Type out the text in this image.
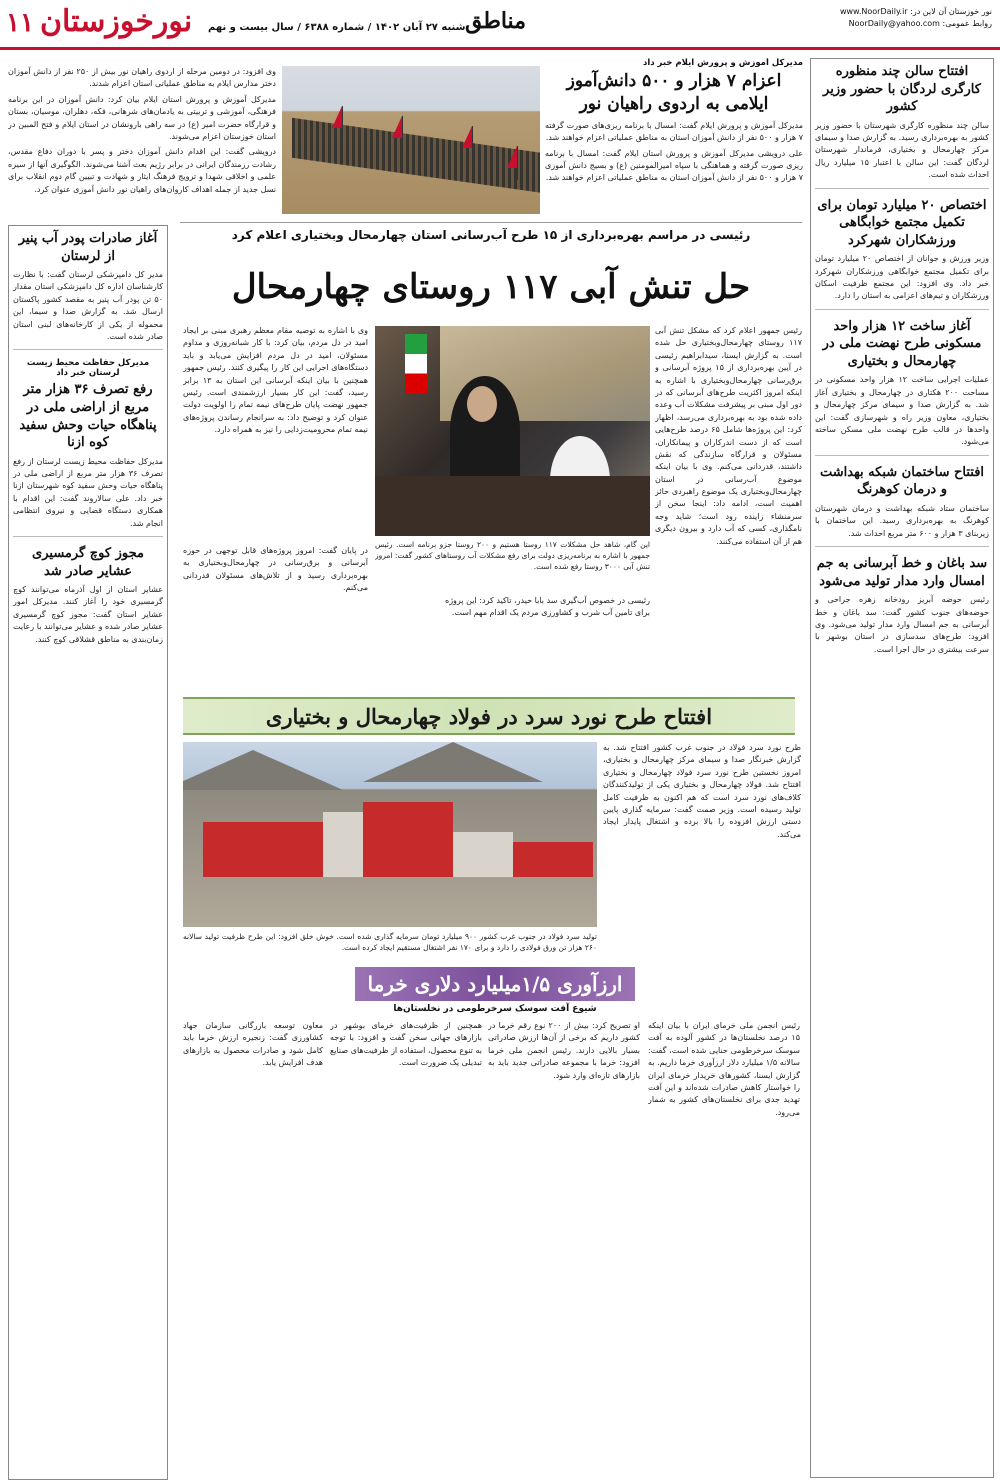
۱۱ نورخوزستان شنبه ۲۷ آبان ۱۴۰۲ / شماره ۶۳۸۸ / سال بیست و نهم مناطق	نور خوزستان آن لاین در: www.NoorDaily.ir
روابط عمومی: NoorDaily@yahoo.com
افتتاح سالن چند منظوره کارگری لردگان با حضور وزیر کشور
سالن چند منظوره کارگری شهرستان با حضور وزیر کشور به بهره‌برداری رسید. به گزارش صدا و سیمای مرکز چهارمحال و بختیاری، فرماندار شهرستان لردگان گفت: این سالن با اعتبار ۱۵ میلیارد ریال احداث شده است.
اختصاص ۲۰ میلیارد تومان برای تکمیل مجتمع خوابگاهی ورزشکاران شهرکرد
وزیر ورزش و جوانان از اختصاص ۲۰ میلیارد تومان برای تکمیل مجتمع خوابگاهی ورزشکاران شهرکرد خبر داد. وی افزود: این مجتمع ظرفیت اسکان ورزشکاران و تیم‌های اعزامی به استان را دارد.
آغاز ساخت ۱۲ هزار واحد مسکونی طرح نهضت ملی در چهارمحال و بختیاری
عملیات اجرایی ساخت ۱۲ هزار واحد مسکونی در مساحت ۲۰۰ هکتاری در چهارمحال و بختیاری آغاز شد. به گزارش صدا و سیمای مرکز چهارمحال و بختیاری، معاون وزیر راه و شهرسازی گفت: این واحدها در قالب طرح نهضت ملی مسکن ساخته می‌شود.
افتتاح ساختمان شبکه بهداشت و درمان کوهرنگ
ساختمان ستاد شبکه بهداشت و درمان شهرستان کوهرنگ به بهره‌برداری رسید. این ساختمان با زیربنای ۳ هزار و ۶۰۰ متر مربع احداث شد.
سد باغان و خط آبرسانی به جم امسال وارد مدار تولید می‌شود
رئیس حوضه آبریز رودخانه زهره جراحی و حوضه‌های جنوب کشور گفت: سد باغان و خط آبرسانی به جم امسال وارد مدار تولید می‌شود. وی افزود: طرح‌های سدسازی در استان بوشهر با سرعت بیشتری در حال اجرا است.
مدیرکل آموزش و پرورش ایلام خبر داد
اعزام ۷ هزار و ۵۰۰ دانش‌آموز ایلامی به اردوی راهیان نور

مدیرکل آموزش و پرورش ایلام گفت: امسال با برنامه ریزی‌های صورت گرفته ۷ هزار و ۵۰۰ نفر از دانش آموزان استان به مناطق عملیاتی اعزام خواهند شد.

علی درویشی مدیرکل آموزش و پرورش استان ایلام گفت: امسال با برنامه ریزی صورت گرفته و هماهنگی با سپاه امیرالمومنین (ع) و بسیج دانش آموزی ۷ هزار و ۵۰۰ نفر از دانش آموزان استان به مناطق عملیاتی اعزام خواهند شد.

وی افزود: در دومین مرحله از اردوی راهیان نور بیش از ۲۵۰ نفر از دانش آموزان دختر مدارس ایلام به مناطق عملیاتی استان اعزام شدند.

مدیرکل آموزش و پرورش استان ایلام بیان کرد: دانش آموزان در این برنامه فرهنگی، آموزشی و تربیتی به یادمان‌های شرهانی، فکه، دهلران، موسیان، بستان و قرارگاه حضرت امیر (ع) در سه راهی بارونشان در استان ایلام و فتح المبین در استان خوزستان اعزام می‌شوند.

درویشی گفت: این اقدام دانش آموزان دختر و پسر با دوران دفاع مقدس، رشادت رزمندگان ایرانی در برابر رژیم بعث آشنا می‌شوند. الگوگیری آنها از سیره علمی و اخلاقی شهدا و ترویج فرهنگ ایثار و شهادت و تبیین گام دوم انقلاب برای نسل جدید از جمله اهداف کاروان‌های راهیان نور دانش آموزی عنوان کرد.

آغاز صادرات پودر آب پنیر از لرستان
مدیر کل دامپزشکی لرستان گفت: با نظارت کارشناسان اداره کل دامپزشکی استان مقدار ۵۰ تن پودر آب پنیر به مقصد کشور پاکستان ارسال شد. به گزارش صدا و سیما، این محموله از یکی از کارخانه‌های لبنی استان صادر شده است.
مدیرکل حفاظت محیط زیست لرستان خبر داد
رفع تصرف ۳۶ هزار متر مربع از اراضی ملی در پناهگاه حیات وحش سفید کوه ازنا
مدیرکل حفاظت محیط زیست لرستان از رفع تصرف ۳۶ هزار متر مربع از اراضی ملی در پناهگاه حیات وحش سفید کوه شهرستان ازنا خبر داد. علی سالاروند گفت: این اقدام با همکاری دستگاه قضایی و نیروی انتظامی انجام شد.
مجوز کوچ گرمسیری عشایر صادر شد
عشایر استان از اول آذرماه می‌توانند کوچ گرمسیری خود را آغاز کنند. مدیرکل امور عشایر استان گفت: مجوز کوچ گرمسیری عشایر صادر شده و عشایر می‌توانند با رعایت زمان‌بندی به مناطق قشلاقی کوچ کنند.
رئیسی در مراسم بهره‌برداری از ۱۵ طرح آب‌رسانی استان چهارمحال وبختیاری اعلام کرد
حل تنش آبی ۱۱۷ روستای چهارمحال
رئیس جمهور اعلام کرد که مشکل تنش آبی ۱۱۷ روستای چهارمحال‌وبختیاری حل شده است. به گزارش ایسنا، سیدابراهیم رئیسی در آیین بهره‌برداری از ۱۵ پروژه آبرسانی و برق‌رسانی چهارمحال‌وبختیاری با اشاره به اینکه امروز اکثریت طرح‌های آبرسانی که در دور اول مبنی بر پیشرفت مشکلات آب وعده داده شده بود به بهره‌برداری می‌رسد، اظهار کرد: این پروژه‌ها شامل ۶۵ درصد طرح‌هایی است که از دست اندرکاران و پیمانکاران، مسئولان و قرارگاه سازندگی که نقش داشتند، قدردانی می‌کنم. وی با بیان اینکه موضوع آب‌رسانی در استان چهارمحال‌وبختیاری یک موضوع راهبردی حائز اهمیت است، ادامه داد: اینجا سخن از سرمنشاء زاینده رود است؛ شاید وجه نامگذاری، کسی که آب دارد و بیرون دیگری هم از آن استفاده می‌کنند.
این گام، شاهد حل مشکلات ۱۱۷ روستا هستیم و ۲۰۰ روستا جزو برنامه است. رئیس جمهور با اشاره به برنامه‌ریزی دولت برای رفع مشکلات آب روستاهای کشور گفت: امروز تنش آبی ۳۰۰۰ روستا رفع شده است.
وی با اشاره به توصیه مقام معظم رهبری مبنی بر ایجاد امید در دل مردم، بیان کرد: با کار شبانه‌روزی و مداوم مسئولان، امید در دل مردم افزایش می‌یابد و باید دستگاه‌های اجرایی این کار را پیگیری کنند. رئیس جمهور همچنین با بیان اینکه آبرسانی این استان به ۱۳ برابر رسید، گفت: این کار بسیار ارزشمندی است. رئیس جمهور نهضت پایان طرح‌های نیمه تمام را اولویت دولت عنوان کرد و توضیح داد: به سرانجام رساندن پروژه‌های نیمه تمام محرومیت‌زدایی را نیز به همراه دارد.
رئیسی در خصوص آب‌گیری سد بابا حیدر، تاکید کرد: این پروژه برای تامین آب شرب و کشاورزی مردم یک اقدام مهم است.
در پایان گفت: امروز پروژه‌های قابل توجهی در حوزه آبرسانی و برق‌رسانی در چهارمحال‌وبختیاری به بهره‌برداری رسید و از تلاش‌های مسئولان قدردانی می‌کنم.
افتتاح طرح نورد سرد در فولاد چهارمحال و بختیاری
طرح نورد سرد فولاد در جنوب غرب کشور افتتاح شد. به گزارش خبرنگار صدا و سیمای مرکز چهارمحال و بختیاری، امروز نخستین طرح نورد سرد فولاد چهارمحال و بختیاری افتتاح شد. فولاد چهارمحال و بختیاری یکی از تولیدکنندگان کلاف‌های نورد سرد است که هم اکنون به ظرفیت کامل تولید رسیده است. وزیر صمت گفت: سرمایه گذاری پایین دستی ارزش افزوده را بالا برده و اشتغال پایدار ایجاد می‌کند.
تولید سرد فولاد در جنوب غرب کشور ۹۰۰ میلیارد تومان سرمایه گذاری شده است. خوش خلق افزود: این طرح ظرفیت تولید سالانه ۲۶۰ هزار تن ورق فولادی را دارد و برای ۱۷۰ نفر اشتغال مستقیم ایجاد کرده است.
ارزآوری ۱/۵میلیارد دلاری خرما
شیوع آفت سوسک سرخرطومی در نخلستان‌ها
رئیس انجمن ملی خرمای ایران با بیان اینکه ۱۵ درصد نخلستان‌ها در کشور آلوده به آفت سوسک سرخرطومی حنایی شده است، گفت: سالانه ۱/۵ میلیارد دلار ارزآوری خرما داریم. به گزارش ایسنا، کشورهای خریدار خرمای ایران را خواستار کاهش صادرات شده‌اند و این آفت تهدید جدی برای نخلستان‌های کشور به شمار می‌رود.
او تصریح کرد: بیش از ۲۰۰ نوع رقم خرما در کشور داریم که برخی از آن‌ها ارزش صادراتی بسیار بالایی دارند. رئیس انجمن ملی خرما افزود: خرما با مجموعه صادراتی جدید باید به بازارهای تازه‌ای وارد شود.
همچنین از ظرفیت‌های خرمای بوشهر در بازارهای جهانی سخن گفت و افزود: با توجه به تنوع محصول، استفاده از ظرفیت‌های صنایع تبدیلی یک ضرورت است.
معاون توسعه بازرگانی سازمان جهاد کشاورزی گفت: زنجیره ارزش خرما باید کامل شود و صادرات محصول به بازارهای هدف افزایش یابد.
